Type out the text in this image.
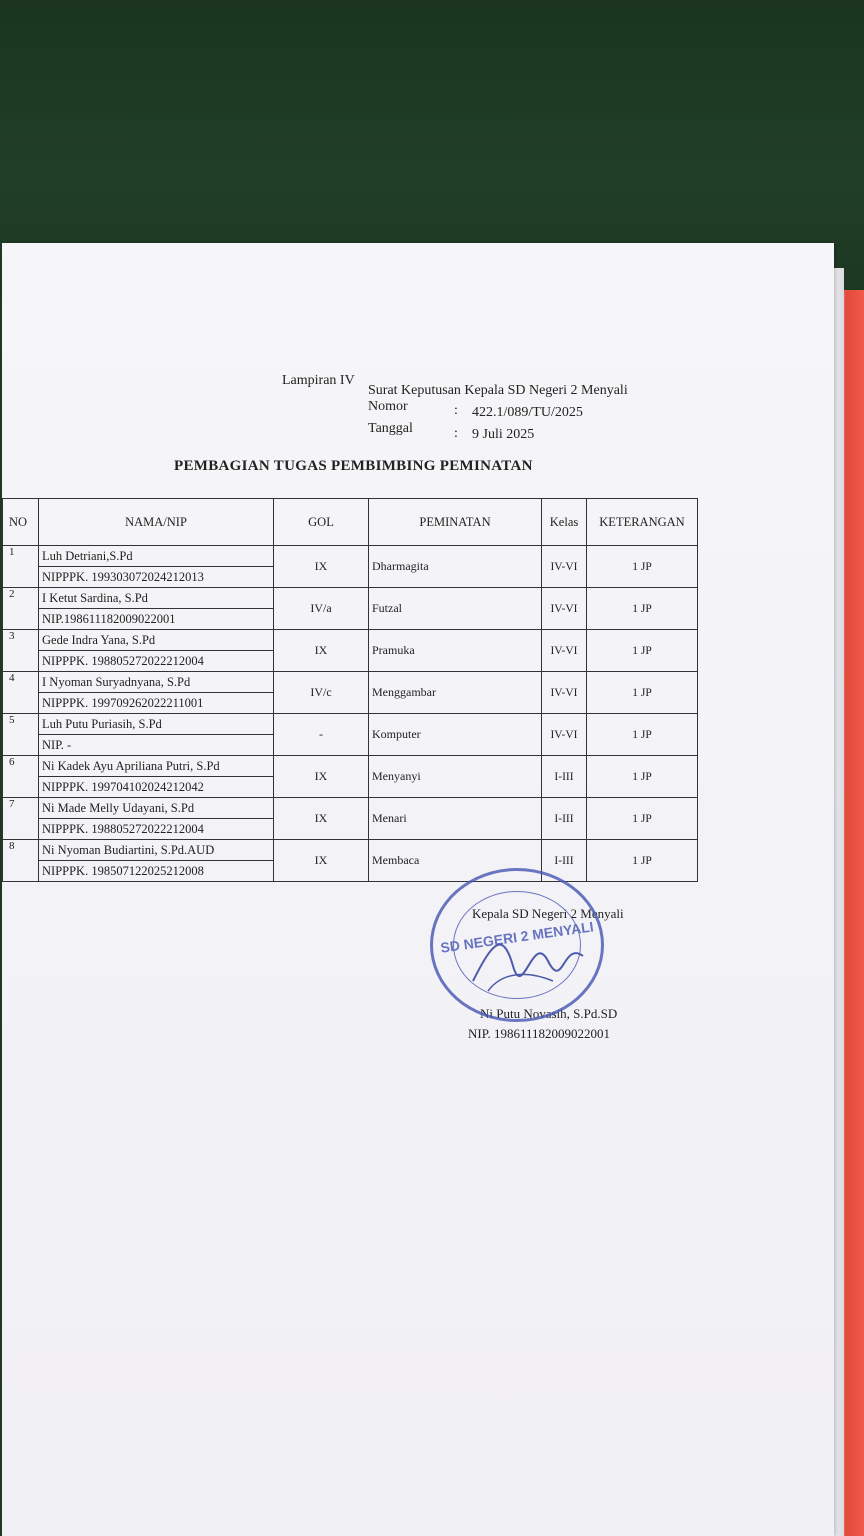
Lampiran IV
Surat Keputusan Kepala SD Negeri 2 Menyali
Nomor	: 422.1/089/TU/2025
Tanggal	: 9 Juli 2025
PEMBAGIAN TUGAS PEMBIMBING PEMINATAN
Kepala SD Negeri 2 Menyali
Ni Putu Novasih, S.Pd.SD
NIP. 198611182009022001
NO	NAMA/NIP	GOL	PEMINATAN	Kelas	KETERANGAN
1	Luh Detriani,S.Pd	IX	Dharmagita	IV-VI	1 JP
	NIPPPK. 199303072024212013				
2	I Ketut Sardina, S.Pd	IV/a	Futzal	IV-VI	1 JP
	NIP.198611182009022001				
3	Gede Indra Yana, S.Pd	IX	Pramuka	IV-VI	1 JP
	NIPPPK. 198805272022212004				
4	I Nyoman Suryadnyana, S.Pd	IV/c	Menggambar	IV-VI	1 JP
	NIPPPK. 199709262022211001				
5	Luh Putu Puriasih, S.Pd	-	Komputer	IV-VI	1 JP
	NIP. -				
6	Ni Kadek Ayu Apriliana Putri, S.Pd	IX	Menyanyi	I-III	1 JP
	NIPPPK. 199704102024212042				
7	Ni Made Melly Udayani, S.Pd	IX	Menari	I-III	1 JP
	NIPPPK. 198805272022212004				
8	Ni Nyoman Budiartini, S.Pd.AUD	IX	Membaca	I-III	1 JP
	NIPPPK. 198507122025212008				
SD NEGERI 2 MENYALI
